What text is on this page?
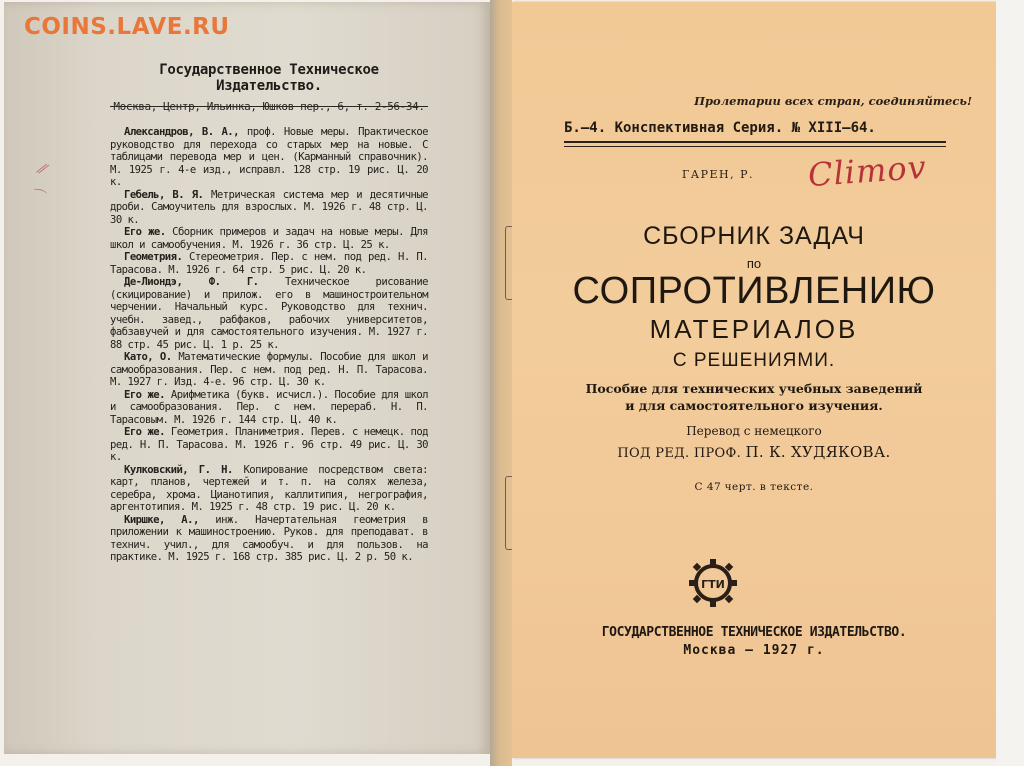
Государственное Техническое Издательство.
Москва, Центр, Ильинка, Юшков пер., 6, т. 2-56-34.
Александров, В. А., проф. Новые меры. Практическое руководство для перехода со старых мер на новые. С таблицами перевода мер и цен. (Карманный справочник). М. 1925 г. 4-е изд., исправл. 128 стр. 19 рис. Ц. 20 к.
Гебель, В. Я. Метрическая система мер и десятичные дроби. Самоучитель для взрослых. М. 1926 г. 48 стр. Ц. 30 к.
Его же. Сборник примеров и задач на новые меры. Для школ и самообучения. М. 1926 г. 36 стр. Ц. 25 к.
Геометрия. Стереометрия. Пер. с нем. под ред. Н. П. Тарасова. М. 1926 г. 64 стр. 5 рис. Ц. 20 к.
Де-Лиондэ, Ф. Г. Техническое рисование (скицирование) и прилож. его в машиностроительном черчении. Начальный курс. Руководство для технич. учебн. завед., рабфаков, рабочих университетов, фабзавучей и для самостоятельного изучения. М. 1927 г. 88 стр. 45 рис. Ц. 1 р. 25 к.
Като, О. Математические формулы. Пособие для школ и самообразования. Пер. с нем. под ред. Н. П. Тарасова. М. 1927 г. Изд. 4-е. 96 стр. Ц. 30 к.
Его же. Арифметика (букв. исчисл.). Пособие для школ и самообразования. Пер. с нем. перераб. Н. П. Тарасовым. М. 1926 г. 144 стр. Ц. 40 к.
Его же. Геометрия. Планиметрия. Перев. с немецк. под ред. Н. П. Тарасова. М. 1926 г. 96 стр. 49 рис. Ц. 30 к.
Кулковский, Г. Н. Копирование посредством света: карт, планов, чертежей и т. п. на солях железа, серебра, хрома. Цианотипия, каллитипия, негрография, аргентотипия. М. 1925 г. 48 стр. 19 рис. Ц. 20 к.
Киршке, А., инж. Начертательная геометрия в приложении к машиностроению. Руков. для преподават. в технич. учил., для самообуч. и для пользов. на практике. М. 1925 г. 168 стр. 385 рис. Ц. 2 р. 50 к.
⁄⁄
⌒
COINS.LAVE.RU
Пролетарии всех стран, соединяйтесь!
Б.—4. Конспективная Серия. № XIII—64.
ГАРЕН, Р. Climov
СБОРНИК ЗАДАЧ
по
СОПРОТИВЛЕНИЮ
МАТЕРИАЛОВ
С РЕШЕНИЯМИ.
Пособие для технических учебных заведений
и для самостоятельного изучения.
Перевод с немецкого
ПОД РЕД. ПРОФ. П. К. ХУДЯКОВА.
С 47 черт. в тексте.
ГТИ
ГОСУДАРСТВЕННОЕ ТЕХНИЧЕСКОЕ ИЗДАТЕЛЬСТВО.
Москва — 1927 г.
